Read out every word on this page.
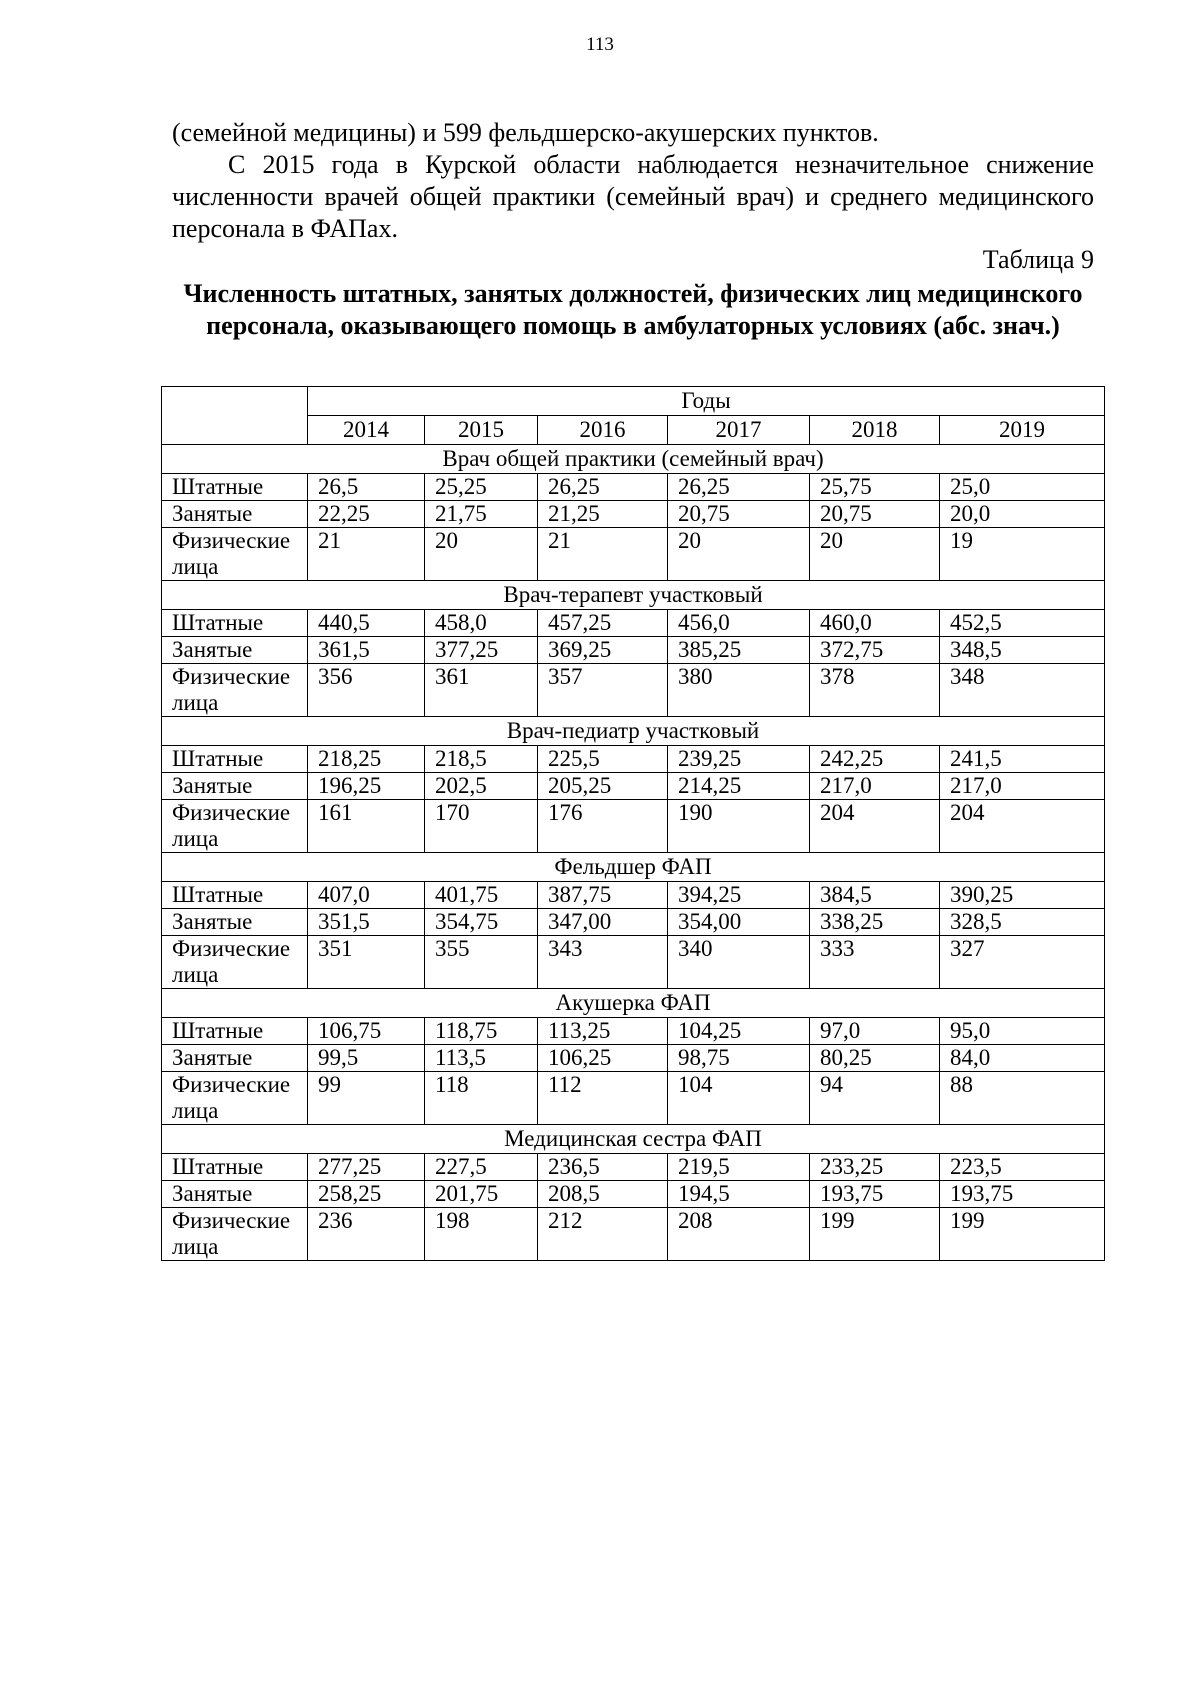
113

(семейной медицины) и 599 фельдшерско-акушерских пунктов.

С 2015 года в Курской области наблюдается незначительное снижение численности врачей общей практики (семейный врач) и среднего медицинского персонала в ФАПах.

Таблица 9
Численность штатных, занятых должностей, физических лиц медицинского персонала, оказывающего помощь в амбулаторных условиях (абс. знач.)
	Годы					
	2014	2015	2016	2017	2018	2019
Врач общей практики (семейный врач)						
Штатные	26,5	25,25	26,25	26,25	25,75	25,0
Занятые	22,25	21,75	21,25	20,75	20,75	20,0
Физические лица	21	20	21	20	20	19
Врач-терапевт участковый						
Штатные	440,5	458,0	457,25	456,0	460,0	452,5
Занятые	361,5	377,25	369,25	385,25	372,75	348,5
Физические лица	356	361	357	380	378	348
Врач-педиатр участковый						
Штатные	218,25	218,5	225,5	239,25	242,25	241,5
Занятые	196,25	202,5	205,25	214,25	217,0	217,0
Физические лица	161	170	176	190	204	204
Фельдшер ФАП						
Штатные	407,0	401,75	387,75	394,25	384,5	390,25
Занятые	351,5	354,75	347,00	354,00	338,25	328,5
Физические лица	351	355	343	340	333	327
Акушерка ФАП						
Штатные	106,75	118,75	113,25	104,25	97,0	95,0
Занятые	99,5	113,5	106,25	98,75	80,25	84,0
Физические лица	99	118	112	104	94	88
Медицинская сестра ФАП						
Штатные	277,25	227,5	236,5	219,5	233,25	223,5
Занятые	258,25	201,75	208,5	194,5	193,75	193,75
Физические лица	236	198	212	208	199	199
